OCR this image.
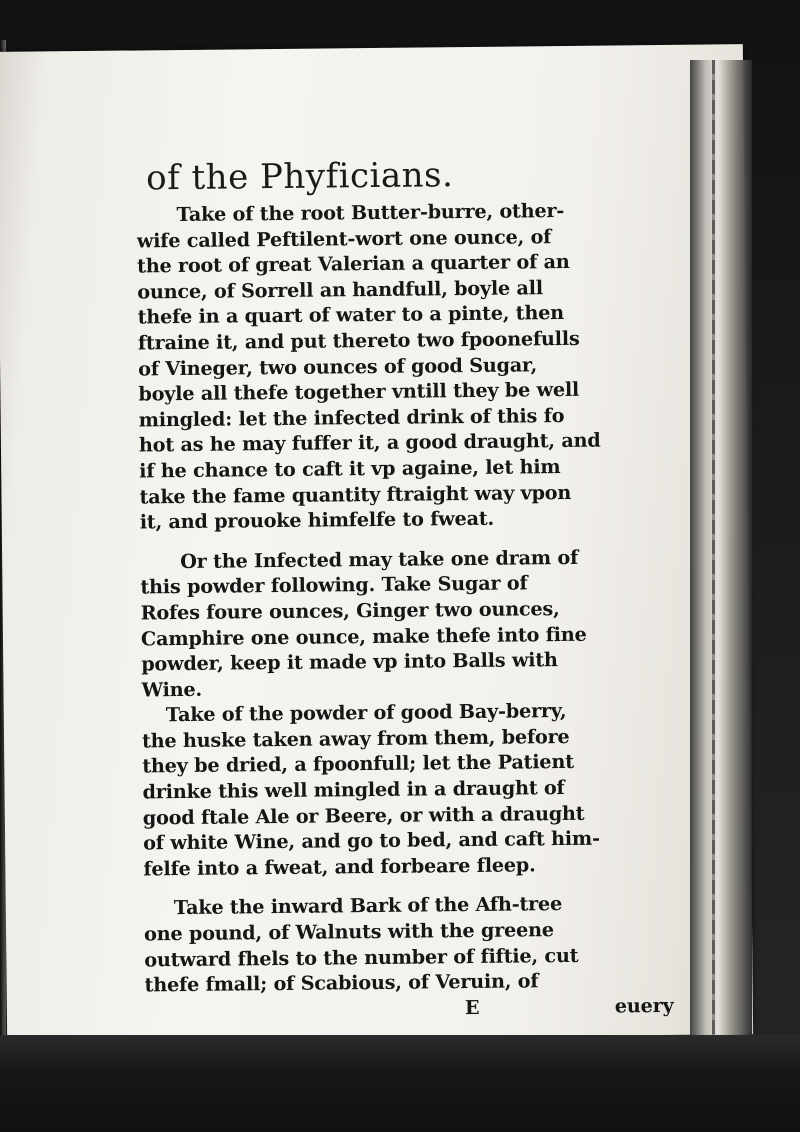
of the Phyficians.
Take of the root Butter-burre, other-
wife called Peftilent-wort one ounce, of
the root of great Valerian a quarter of an
ounce, of Sorrell an handfull, boyle all
thefe in a quart of water to a pinte, then
ftraine it, and put thereto two fpoonefulls
of Vineger, two ounces of good Sugar,
boyle all thefe together vntill they be well
mingled: let the infected drink of this fo
hot as he may fuffer it, a good draught, and
if he chance to caft it vp againe, let him
take the fame quantity ftraight way vpon
it, and prouoke himfelfe to fweat.
Or the Infected may take one dram of
this powder following. Take Sugar of
Rofes foure ounces, Ginger two ounces,
Camphire one ounce, make thefe into fine
powder, keep it made vp into Balls with
Wine.
Take of the powder of good Bay-berry,
the huske taken away from them, before
they be dried, a fpoonfull; let the Patient
drinke this well mingled in a draught of
good ftale Ale or Beere, or with a draught
of white Wine, and go to bed, and caft him-
felfe into a fweat, and forbeare fleep.
Take the inward Bark of the Afh-tree
one pound, of Walnuts with the greene
outward fhels to the number of fiftie, cut
thefe fmall; of Scabious, of Veruin, of
E	euery
